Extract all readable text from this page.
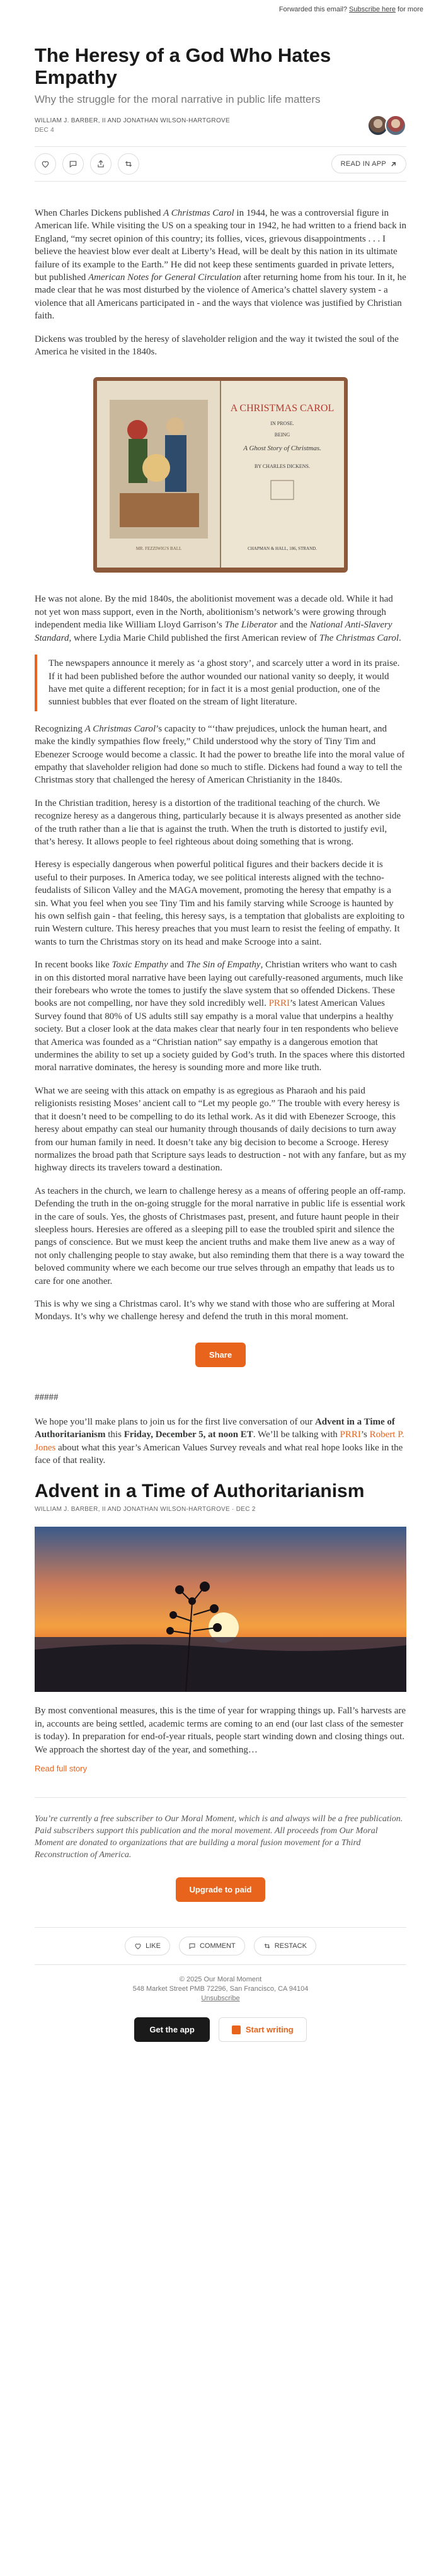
Forwarded this email? Subscribe here for more
The Heresy of a God Who Hates Empathy
Why the struggle for the moral narrative in public life matters
WILLIAM J. BARBER, II AND JONATHAN WILSON-HARTGROVE
DEC 4
READ IN APP

When Charles Dickens published A Christmas Carol in 1944, he was a controversial figure in American life. While visiting the US on a speaking tour in 1942, he had written to a friend back in England, “my secret opinion of this country; its follies, vices, grievous disappointments . . . I believe the heaviest blow ever dealt at Liberty’s Head, will be dealt by this nation in its ultimate failure of its example to the Earth.” He did not keep these sentiments guarded in private letters, but published American Notes for General Circulation after returning home from his tour. In it, he made clear that he was most disturbed by the violence of America’s chattel slavery system - a violence that all Americans participated in - and the ways that violence was justified by Christian faith.

Dickens was troubled by the heresy of slaveholder religion and the way it twisted the soul of the America he visited in the 1840s.

MR. FEZZIWIG'S BALL
A CHRISTMAS CAROL
IN PROSE.
BEING
A Ghost Story of Christmas.
BY CHARLES DICKENS.
CHAPMAN & HALL, 186, STRAND.

He was not alone. By the mid 1840s, the abolitionist movement was a decade old. While it had not yet won mass support, even in the North, abolitionism’s network’s were growing through independent media like William Lloyd Garrison’s The Liberator and the National Anti-Slavery Standard, where Lydia Marie Child published the first American review of The Christmas Carol.

The newspapers announce it merely as ‘a ghost story’, and scarcely utter a word in its praise. If it had been published before the author wounded our national vanity so deeply, it would have met quite a different reception; for in fact it is a most genial production, one of the sunniest bubbles that ever floated on the stream of light literature.

Recognizing A Christmas Carol’s capacity to “‘thaw prejudices, unlock the human heart, and make the kindly sympathies flow freely,” Child understood why the story of Tiny Tim and Ebenezer Scrooge would become a classic. It had the power to breathe life into the moral value of empathy that slaveholder religion had done so much to stifle. Dickens had found a way to tell the Christmas story that challenged the heresy of American Christianity in the 1840s.

In the Christian tradition, heresy is a distortion of the traditional teaching of the church. We recognize heresy as a dangerous thing, particularly because it is always presented as another side of the truth rather than a lie that is against the truth. When the truth is distorted to justify evil, that’s heresy. It allows people to feel righteous about doing something that is wrong.

Heresy is especially dangerous when powerful political figures and their backers decide it is useful to their purposes. In America today, we see political interests aligned with the techno-feudalists of Silicon Valley and the MAGA movement, promoting the heresy that empathy is a sin. What you feel when you see Tiny Tim and his family starving while Scrooge is haunted by his own selfish gain - that feeling, this heresy says, is a temptation that globalists are exploiting to ruin Western culture. This heresy preaches that you must learn to resist the feeling of empathy. It wants to turn the Christmas story on its head and make Scrooge into a saint.

In recent books like Toxic Empathy and The Sin of Empathy, Christian writers who want to cash in on this distorted moral narrative have been laying out carefully-reasoned arguments, much like their forebears who wrote the tomes to justify the slave system that so offended Dickens. These books are not compelling, nor have they sold incredibly well. PRRI’s latest American Values Survey found that 80% of US adults still say empathy is a moral value that underpins a healthy society. But a closer look at the data makes clear that nearly four in ten respondents who believe that America was founded as a “Christian nation” say empathy is a dangerous emotion that undermines the ability to set up a society guided by God’s truth. In the spaces where this distorted moral narrative dominates, the heresy is sounding more and more like truth.

What we are seeing with this attack on empathy is as egregious as Pharaoh and his paid religionists resisting Moses’ ancient call to “Let my people go.” The trouble with every heresy is that it doesn’t need to be compelling to do its lethal work. As it did with Ebenezer Scrooge, this heresy about empathy can steal our humanity through thousands of daily decisions to turn away from our human family in need. It doesn’t take any big decision to become a Scrooge. Heresy normalizes the broad path that Scripture says leads to destruction - not with any fanfare, but as my highway directs its travelers toward a destination.

As teachers in the church, we learn to challenge heresy as a means of offering people an off-ramp. Defending the truth in the on-going struggle for the moral narrative in public life is essential work in the care of souls. Yes, the ghosts of Christmases past, present, and future haunt people in their sleepless hours. Heresies are offered as a sleeping pill to ease the troubled spirit and silence the pangs of conscience. But we must keep the ancient truths and make them live anew as a way of not only challenging people to stay awake, but also reminding them that there is a way toward the beloved community where we each become our true selves through an empathy that leads us to care for one another.

This is why we sing a Christmas carol. It’s why we stand with those who are suffering at Moral Mondays. It’s why we challenge heresy and defend the truth in this moral moment.

Share
#####

We hope you’ll make plans to join us for the first live conversation of our Advent in a Time of Authoritarianism this Friday, December 5, at noon ET. We’ll be talking with PRRI’s Robert P. Jones about what this year’s American Values Survey reveals and what real hope looks like in the face of that reality.

Advent in a Time of Authoritarianism
WILLIAM J. BARBER, II AND JONATHAN WILSON-HARTGROVE · DEC 2

By most conventional measures, this is the time of year for wrapping things up. Fall’s harvests are in, accounts are being settled, academic terms are coming to an end (our last class of the semester is today). In preparation for end-of-year rituals, people start winding down and closing things out. We approach the shortest day of the year, and something…

Read full story
You’re currently a free subscriber to Our Moral Moment, which is and always will be a free publication. Paid subscribers support this publication and the moral movement. All proceeds from Our Moral Moment are donated to organizations that are building a moral fusion movement for a Third Reconstruction of America.
Upgrade to paid
LIKE	COMMENT	RESTACK
© 2025 Our Moral Moment
548 Market Street PMB 72296, San Francisco, CA 94104
Unsubscribe
Get the app	Start writing
